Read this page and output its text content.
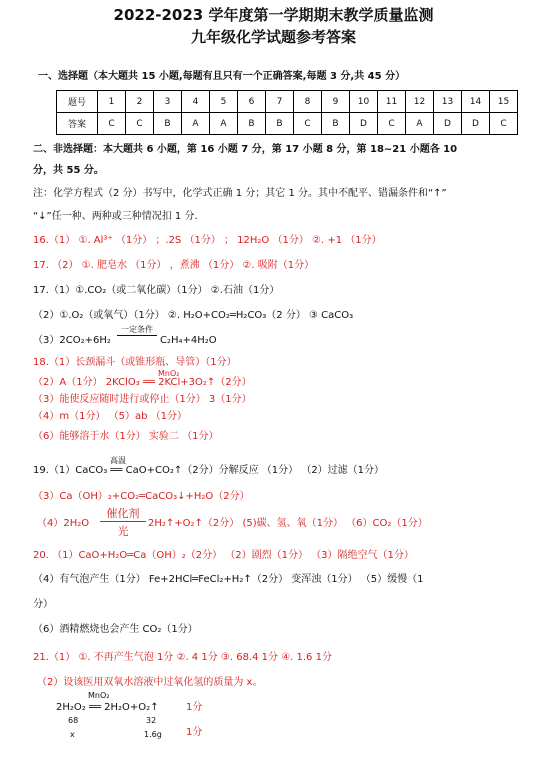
2022-2023 学年度第一学期期末教学质量监测
九年级化学试题参考答案
一、选择题（本大题共 15 小题,每题有且只有一个正确答案,每题 3 分,共 45 分）
题号	1	2	3	4	5	6	7	8	9	10	11	12	13	14	15
答案	C	C	B	A	A	B	B	C	B	D	C	A	D	D	C
二、非选择题：本大题共 6 小题，第 16 小题 7 分，第 17 小题 8 分，第 18~21 小题各 10
分，共 55 分。
注：化学方程式（2 分）书写中，化学式正确 1 分；其它 1 分。其中不配平、错漏条件和“↑”
“↓”任一种、两种或三种情况扣 1 分.
16.（1） ①. Al³⁺ （1分） ；.2S （1分） ； 12H₂O （1分） ②. +1 （1分）
17. （2） ①. 肥皂水 （1分） ，煮沸 （1分） ②. 吸附（1分）
17.（1）①.CO₂（或二氧化碳）（1分） ②.石油（1分）
（2）①.O₂（或氧气）（1分） ②. H₂O+CO₂═H₂CO₃（2 分） ③ CaCO₃
（3）2CO₂+6H₂
一定条件
C₂H₄+4H₂O
18.（1）长颈漏斗（或锥形瓶、导管）（1分）
（2）A（1分） 2KClO₃ ══ 2KCl+3O₂↑（2分）
MnO₂
（3）能使反应随时进行或停止（1分） 3（1分）
（4）m（1分） （5）ab （1分）
（6）能够溶于水（1分） 实验二 （1分）
19.（1）CaCO₃ ══ CaO+CO₂↑（2分）分解反应 （1分） （2）过滤（1分）
高温
（3）Ca（OH）₂+CO₂═CaCO₃↓+H₂O（2分）
（4）2H₂O
催化剂
光
2H₂↑+O₂↑（2分） (5)碳、氢、氧（1分） （6）CO₂（1分）
20. （1）CaO+H₂O═Ca（OH）₂（2分） （2）剧烈（1分） （3）隔绝空气（1分）
（4）有气泡产生（1分） Fe+2HCl═FeCl₂+H₂↑（2分） 变浑浊（1分） （5）缓慢（1
分）
（6）酒精燃烧也会产生 CO₂（1分）
21.（1） ①. 不再产生气泡 1分 ②. 4 1分 ③. 68.4 1分 ④. 1.6 1分
（2）设该医用双氧水溶液中过氧化氢的质量为 x。
MnO₂
2H₂O₂ ══ 2H₂O+O₂↑	1分
68	32
x	1.6g 1分
